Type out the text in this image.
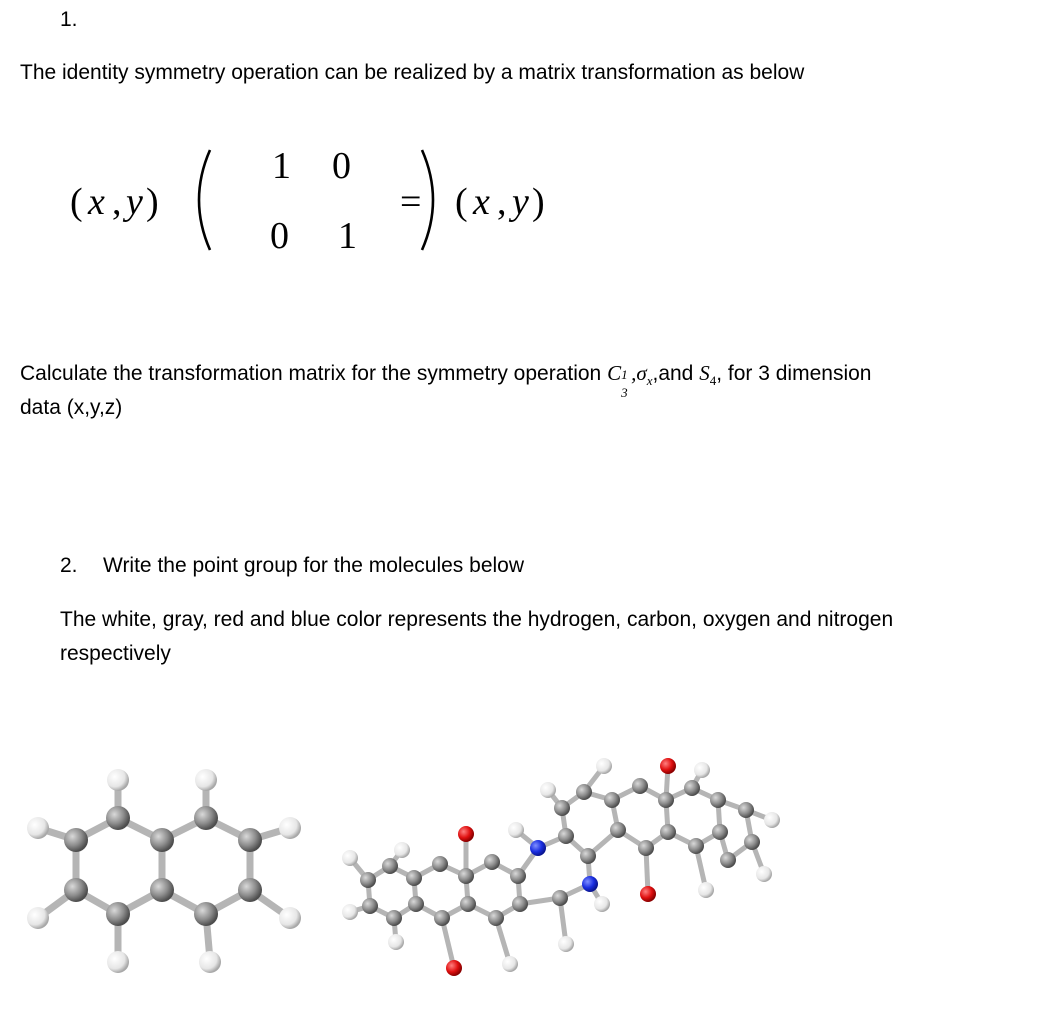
1.
The identity symmetry operation can be realized by a matrix transformation as below
( x , y )
1 0
0 1
= ( x , y )
Calculate the transformation matrix for the symmetry operation C 1
3
$,\sigma_x,and$ $S_4$, for 3 dimension
data (x,y,z)
2. Write the point group for the molecules below
The white, gray, red and blue color represents the hydrogen, carbon, oxygen and nitrogen
respectively
